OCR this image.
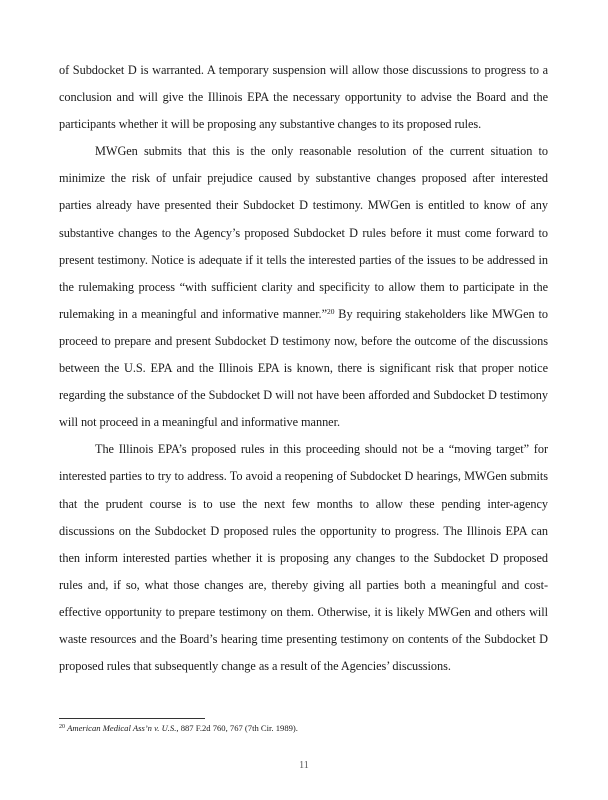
of Subdocket D is warranted. A temporary suspension will allow those discussions to progress to a conclusion and will give the Illinois EPA the necessary opportunity to advise the Board and the participants whether it will be proposing any substantive changes to its proposed rules.

MWGen submits that this is the only reasonable resolution of the current situation to minimize the risk of unfair prejudice caused by substantive changes proposed after interested parties already have presented their Subdocket D testimony. MWGen is entitled to know of any substantive changes to the Agency’s proposed Subdocket D rules before it must come forward to present testimony. Notice is adequate if it tells the interested parties of the issues to be addressed in the rulemaking process “with sufficient clarity and specificity to allow them to participate in the rulemaking in a meaningful and informative manner.”$^{20}$ By requiring stakeholders like MWGen to proceed to prepare and present Subdocket D testimony now, before the outcome of the discussions between the U.S. EPA and the Illinois EPA is known, there is significant risk that proper notice regarding the substance of the Subdocket D will not have been afforded and Subdocket D testimony will not proceed in a meaningful and informative manner.

The Illinois EPA’s proposed rules in this proceeding should not be a “moving target” for interested parties to try to address. To avoid a reopening of Subdocket D hearings, MWGen submits that the prudent course is to use the next few months to allow these pending inter-agency discussions on the Subdocket D proposed rules the opportunity to progress. The Illinois EPA can then inform interested parties whether it is proposing any changes to the Subdocket D proposed rules and, if so, what those changes are, thereby giving all parties both a meaningful and cost-effective opportunity to prepare testimony on them. Otherwise, it is likely MWGen and others will waste resources and the Board’s hearing time presenting testimony on contents of the Subdocket D proposed rules that subsequently change as a result of the Agencies’ discussions.

$^{20}$ American Medical Ass’n v. U.S., 887 F.2d 760, 767 (7th Cir. 1989).
11
